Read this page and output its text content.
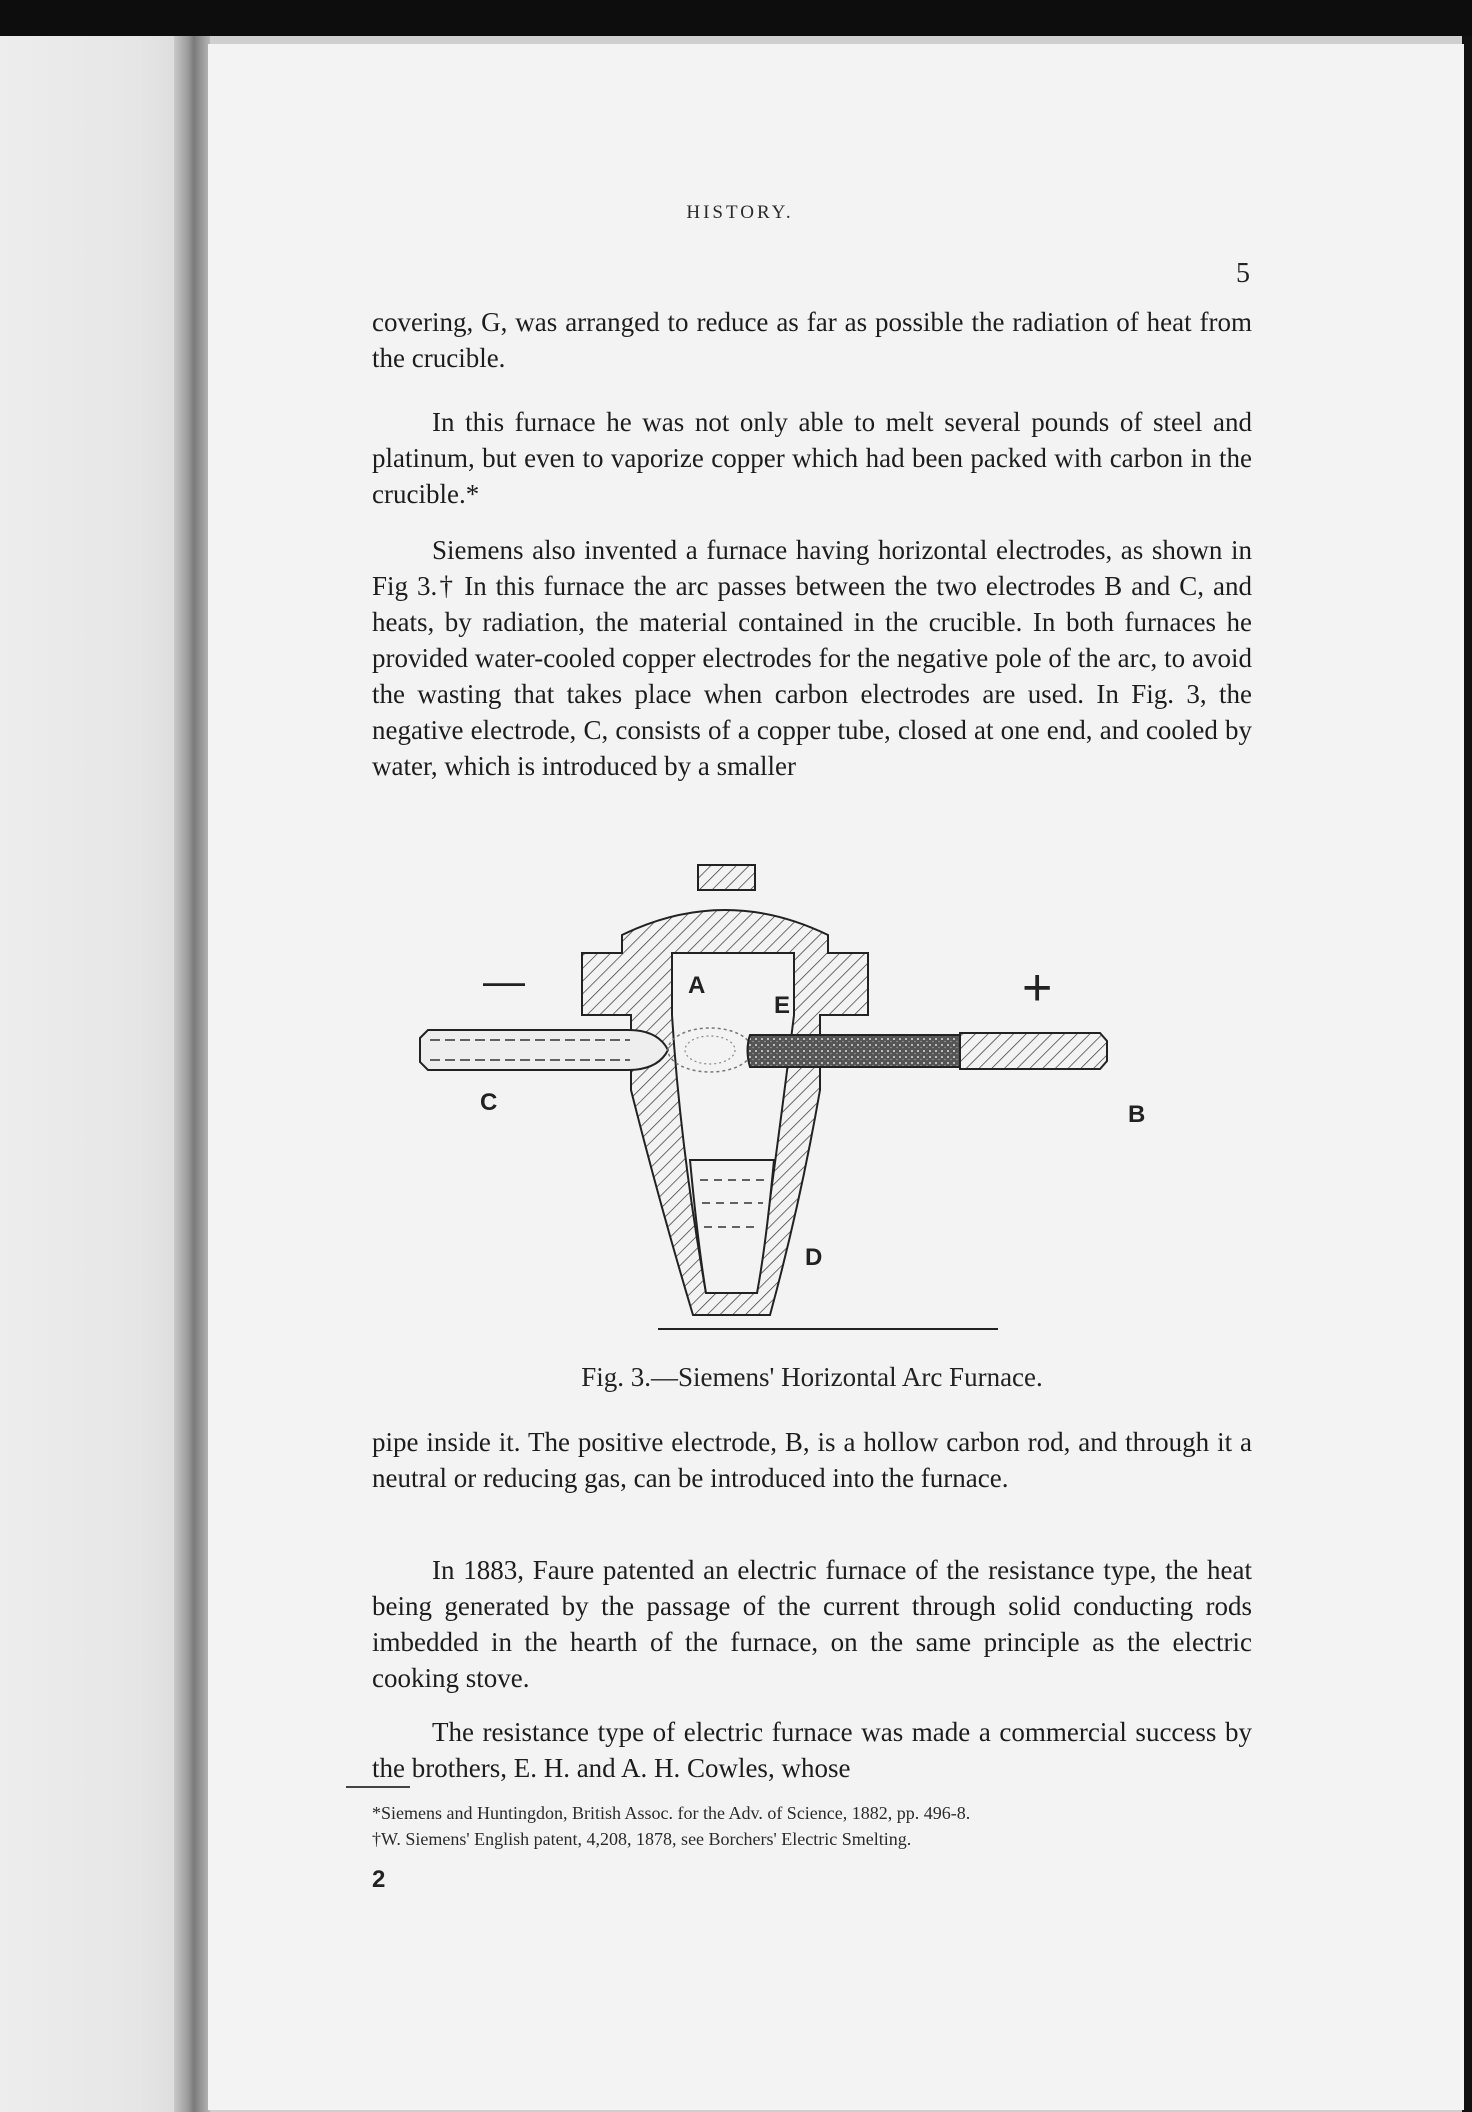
HISTORY.
5

covering, G, was arranged to reduce as far as possible the radiation of heat from the crucible.

In this furnace he was not only able to melt several pounds of steel and platinum, but even to vaporize copper which had been packed with carbon in the crucible.*

Siemens also invented a furnace having horizontal electrodes, as shown in Fig 3.† In this furnace the arc passes between the two electrodes B and C, and heats, by radiation, the material contained in the crucible. In both furnaces he provided water-cooled copper electrodes for the negative pole of the arc, to avoid the wasting that takes place when carbon electrodes are used. In Fig. 3, the negative electrode, C, consists of a copper tube, closed at one end, and cooled by water, which is introduced by a smaller

—	+
A
E
C	B
D
Fig. 3.—Siemens' Horizontal Arc Furnace.

pipe inside it. The positive electrode, B, is a hollow carbon rod, and through it a neutral or reducing gas, can be introduced into the furnace.

In 1883, Faure patented an electric furnace of the resistance type, the heat being generated by the passage of the current through solid conducting rods imbedded in the hearth of the furnace, on the same principle as the electric cooking stove.

The resistance type of electric furnace was made a commercial success by the brothers, E. H. and A. H. Cowles, whose

*Siemens and Huntingdon, British Assoc. for the Adv. of Science, 1882, pp. 496-8.
†W. Siemens' English patent, 4,208, 1878, see Borchers' Electric Smelting.
2
